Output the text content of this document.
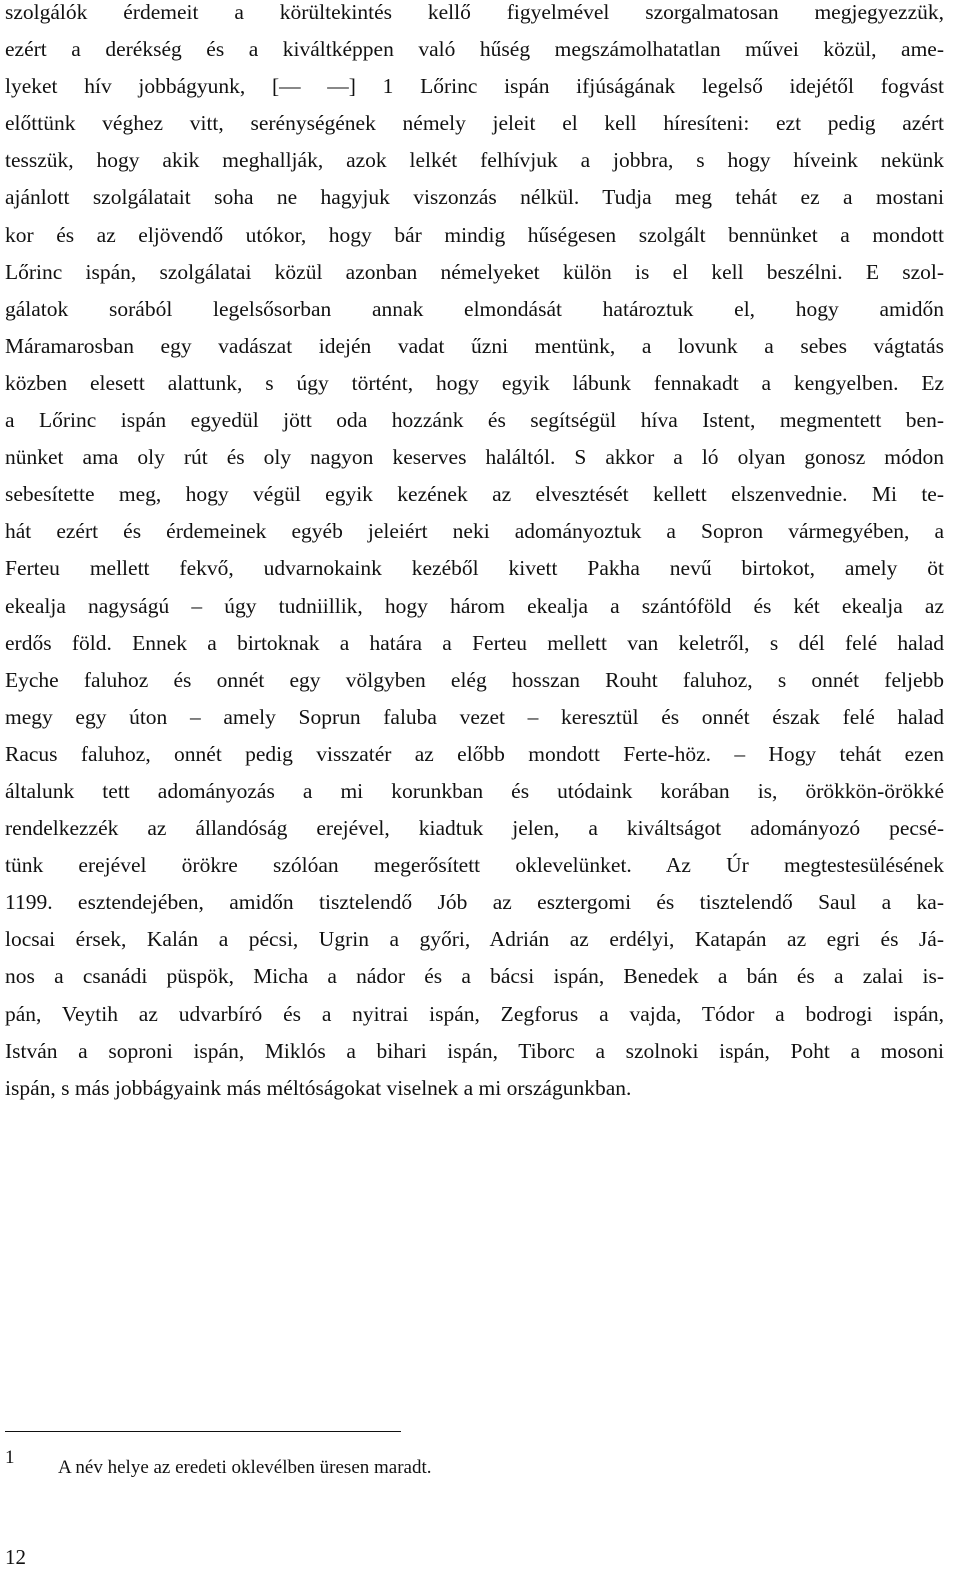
szolgálók érdemeit a körültekintés kellő figyelmével szorgalmatosan megjegyezzük,
ezért a derékség és a kiváltképpen való hűség megszámolhatatlan művei közül, ame-
lyeket hív jobbágyunk, [— —] 1 Lőrinc ispán ifjúságának legelső idejétől fogvást
előttünk véghez vitt, serénységének némely jeleit el kell híresíteni: ezt pedig azért
tesszük, hogy akik meghallják, azok lelkét felhívjuk a jobbra, s hogy híveink nekünk
ajánlott szolgálatait soha ne hagyjuk viszonzás nélkül. Tudja meg tehát ez a mostani
kor és az eljövendő utókor, hogy bár mindig hűségesen szolgált bennünket a mondott
Lőrinc ispán, szolgálatai közül azonban némelyeket külön is el kell beszélni. E szol-
gálatok sorából legelsősorban annak elmondását határoztuk el, hogy amidőn
Máramarosban egy vadászat idején vadat űzni mentünk, a lovunk a sebes vágtatás
közben elesett alattunk, s úgy történt, hogy egyik lábunk fennakadt a kengyelben. Ez
a Lőrinc ispán egyedül jött oda hozzánk és segítségül híva Istent, megmentett ben-
nünket ama oly rút és oly nagyon keserves haláltól. S akkor a ló olyan gonosz módon
sebesítette meg, hogy végül egyik kezének az elvesztését kellett elszenvednie. Mi te-
hát ezért és érdemeinek egyéb jeleiért neki adományoztuk a Sopron vármegyében, a
Ferteu mellett fekvő, udvarnokaink kezéből kivett Pakha nevű birtokot, amely öt
ekealja nagyságú – úgy tudniillik, hogy három ekealja a szántóföld és két ekealja az
erdős föld. Ennek a birtoknak a határa a Ferteu mellett van keletről, s dél felé halad
Eyche faluhoz és onnét egy völgyben elég hosszan Rouht faluhoz, s onnét feljebb
megy egy úton – amely Soprun faluba vezet – keresztül és onnét észak felé halad
Racus faluhoz, onnét pedig visszatér az előbb mondott Ferte-höz. – Hogy tehát ezen
általunk tett adományozás a mi korunkban és utódaink korában is, örökkön-örökké
rendelkezzék az állandóság erejével, kiadtuk jelen, a kiváltságot adományozó pecsé-
tünk erejével örökre szólóan megerősített oklevelünket. Az Úr megtestesülésének
1199. esztendejében, amidőn tisztelendő Jób az esztergomi és tisztelendő Saul a ka-
locsai érsek, Kalán a pécsi, Ugrin a győri, Adrián az erdélyi, Katapán az egri és Já-
nos a csanádi püspök, Micha a nádor és a bácsi ispán, Benedek a bán és a zalai is-
pán, Veytih az udvarbíró és a nyitrai ispán, Zegforus a vajda, Tódor a bodrogi ispán,
István a soproni ispán, Miklós a bihari ispán, Tiborc a szolnoki ispán, Poht a mosoni
ispán, s más jobbágyaink más méltóságokat viselnek a mi országunkban.
1 A név helye az eredeti oklevélben üresen maradt.
12
